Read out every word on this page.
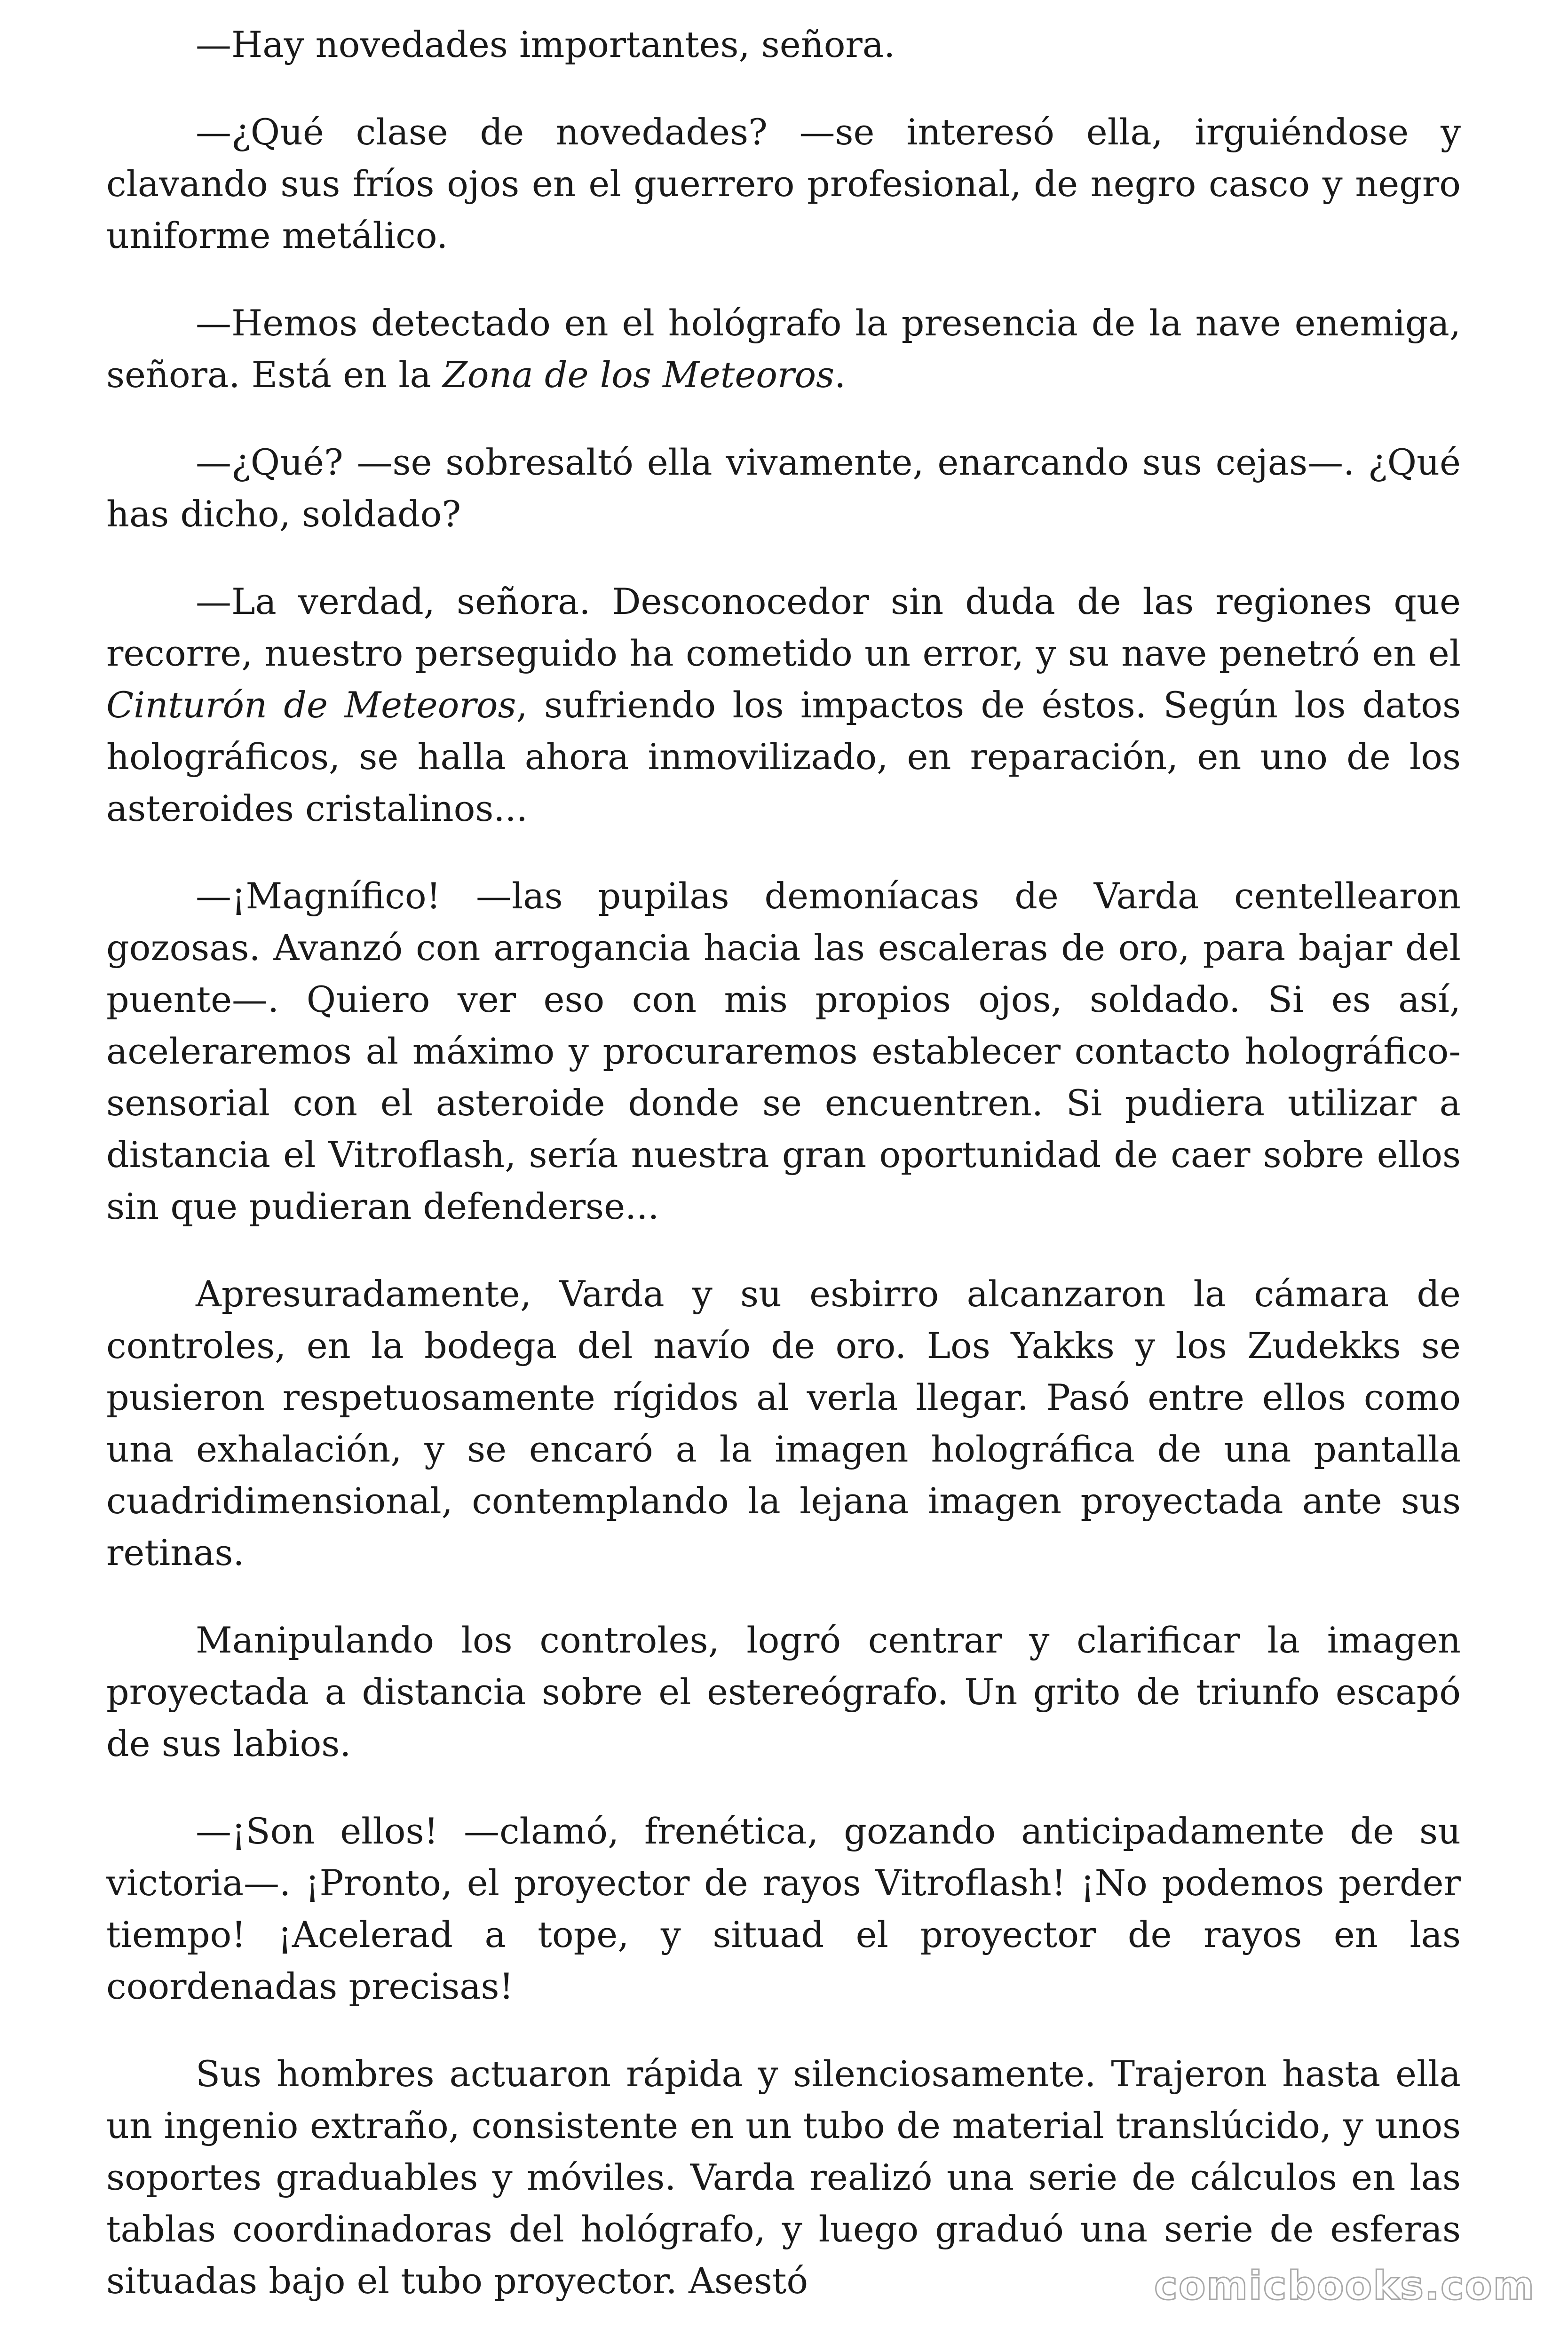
—Hay novedades importantes, señora.

—¿Qué clase de novedades? —se interesó ella, irguiéndose y clavando sus fríos ojos en el guerrero profesional, de negro casco y negro uniforme metálico.

—Hemos detectado en el holόgrafo la presencia de la nave enemiga, señora. Está en la Zona de los Meteoros.

—¿Qué? —se sobresaltó ella vivamente, enarcando sus cejas—. ¿Qué has dicho, soldado?

—La verdad, señora. Desconocedor sin duda de las regiones que recorre, nuestro perseguido ha cometido un error, y su nave penetró en el Cinturón de Meteoros, sufriendo los impactos de éstos. Según los datos holográficos, se halla ahora inmovilizado, en reparación, en uno de los asteroides cristalinos...

—¡Magnífico! —las pupilas demoníacas de Varda centellearon gozosas. Avanzó con arrogancia hacia las escaleras de oro, para bajar del puente—. Quiero ver eso con mis propios ojos, soldado. Si es así, aceleraremos al máximo y procuraremos establecer contacto holográfico-sensorial con el asteroide donde se encuentren. Si pudiera utilizar a distancia el Vitroflash, sería nuestra gran oportunidad de caer sobre ellos sin que pudieran defenderse...

Apresuradamente, Varda y su esbirro alcanzaron la cámara de controles, en la bodega del navío de oro. Los Yakks y los Zudekks se pusieron respetuosamente rígidos al verla llegar. Pasó entre ellos como una exhalación, y se encaró a la imagen holográfica de una pantalla cuadridimensional, contemplando la lejana imagen proyectada ante sus retinas.

Manipulando los controles, logró centrar y clarificar la imagen proyectada a distancia sobre el estereógrafo. Un grito de triunfo escapó de sus labios.

—¡Son ellos! —clamó, frenética, gozando anticipadamente de su victoria—. ¡Pronto, el proyector de rayos Vitroflash! ¡No podemos perder tiempo! ¡Acelerad a tope, y situad el proyector de rayos en las coordenadas precisas!

Sus hombres actuaron rápida y silenciosamente. Trajeron hasta ella un ingenio extraño, consistente en un tubo de material translúcido, y unos soportes graduables y móviles. Varda realizó una serie de cálculos en las tablas coordinadoras del holόgrafo, y luego graduó una serie de esferas situadas bajo el tubo proyector. Asestó	comicbooks.com
